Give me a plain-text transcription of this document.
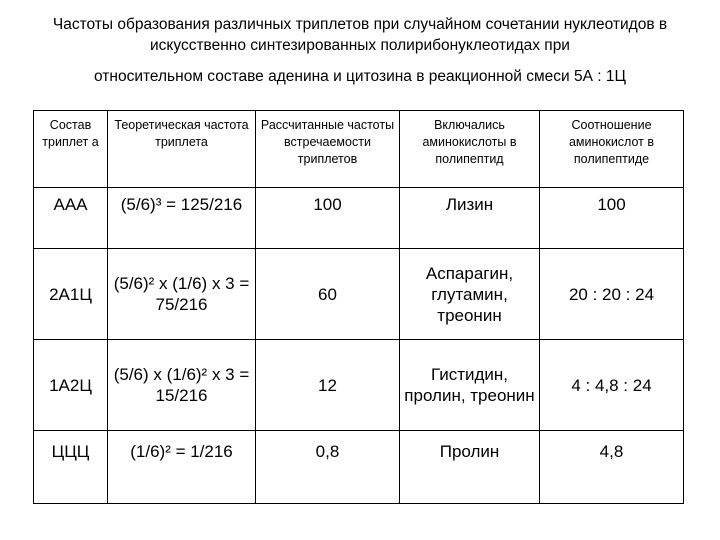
Частоты образования различных триплетов при случайном сочетании нуклеотидов в искусственно синтезированных полирибонуклеотидах при
относительном составе аденина и цитозина в реакционной смеси 5А : 1Ц
Состав триплет а	Теоретическая частота триплета	Рассчитанные частоты встречаемости триплетов	Включались аминокислоты в полипептид	Соотношение аминокислот в полипептиде
ААА	(5/6)³ = 125/216	100	Лизин	100
2А1Ц	(5/6)² x (1/6) x 3 = 75/216	60	Аспарагин, глутамин, треонин	20 : 20 : 24
1А2Ц	(5/6) x (1/6)² x 3 = 15/216	12	Гистидин, пролин, треонин	4 : 4,8 : 24
ЦЦЦ	(1/6)² = 1/216	0,8	Пролин	4,8
